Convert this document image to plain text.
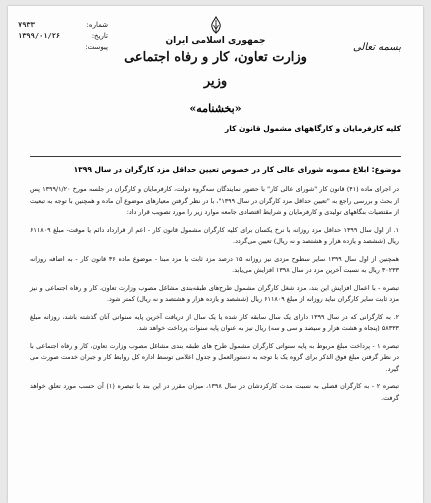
شماره:
۷۹۳۳
تاریخ:
۱۳۹۹/۰۱/۲۶
پیوست:	بسمه تعالی
جمهوری اسلامی ایران
وزارت تعاون، کار و رفاه اجتماعی
وزیر
«بخشنامه»
کلیه کارفرمایان و کارگاههای مشمول قانون کار
موضوع: ابلاغ مصوبه شورای عالی کار در خصوص تعیین حداقل مزد کارگران در سال ۱۳۹۹

در اجرای ماده (۴۱) قانون کار "شورای عالی کار" با حضور نمایندگان سه‌گروه دولت، کارفرمایان و کارگران در جلسه مورخ ۱۳۹۹/۱/۲۰ پس از بحث و بررسی راجع به "تعیین حداقل مزد کارگران در سال ۱۳۹۹"، با در نظر گرفتن معیارهای موضوع آن ماده و همچنین با توجه به تبعیت از مقتضیات بنگاههای تولیدی و کارفرمایان و شرایط اقتصادی جامعه موارد زیر را مورد تصویب قرار داد:

۱. از اول سال ۱۳۹۹ حداقل مزد روزانه با نرخ یکسان برای کلیه کارگران مشمول قانون کار - اعم از قرارداد دائم یا موقت- مبلغ ۶۱۱۸۰۹ ریال (ششصد و یازده هزار و هشتصد و نه ریال) تعیین می‌گردد.

همچنین از اول سال ۱۳۹۹ سایر سطوح مزدی نیز روزانه ۱۵ درصد مزد ثابت یا مزد مبنا - موضوع ماده ۳۶ قانون کار - به اضافه روزانه ۳۰۲۳۳ ریال به نسبت آخرین مزد در سال ۱۳۹۸ افزایش می‌یابد.

تبصره - با اعمال افزایش این بند، مزد شغل کارگران مشمول طرح‌های طبقه‌بندی مشاغل مصوب وزارت تعاون، کار و رفاه اجتماعی و نیز مزد ثابت سایر کارگران نباید روزانه از مبلغ ۶۱۱۸۰۹ ریال (ششصد و یازده هزار و هشتصد و نه ریال) کمتر شود.

۲. به کارگرانی که در سال ۱۳۹۹ دارای یک سال سابقه کار شده یا یک سال از دریافت آخرین پایه سنواتی آنان گذشته باشد، روزانه مبلغ ۵۸۳۳۳ (پنجاه و هشت هزار و سیصد و سی و سه) ریال نیز به عنوان پایه سنوات پرداخت خواهد شد.

تبصره ۱ - پرداخت مبلغ مربوط به پایه سنواتی کارگران مشمول طرح های طبقه بندی مشاغل مصوب وزارت تعاون، کار و رفاه اجتماعی با در نظر گرفتن مبلغ فوق الذکر برای گروه یک با توجه به دستورالعمل و جدول اعلامی توسط اداره کل روابط کار و جبران خدمت صورت می گیرد.

تبصره ۲ - به کارگران فصلی به نسبت مدت کارکردشان در سال ۱۳۹۸، میزان مقرر در این بند با تبصره (۱) آن حسب مورد تعلق خواهد گرفت.
